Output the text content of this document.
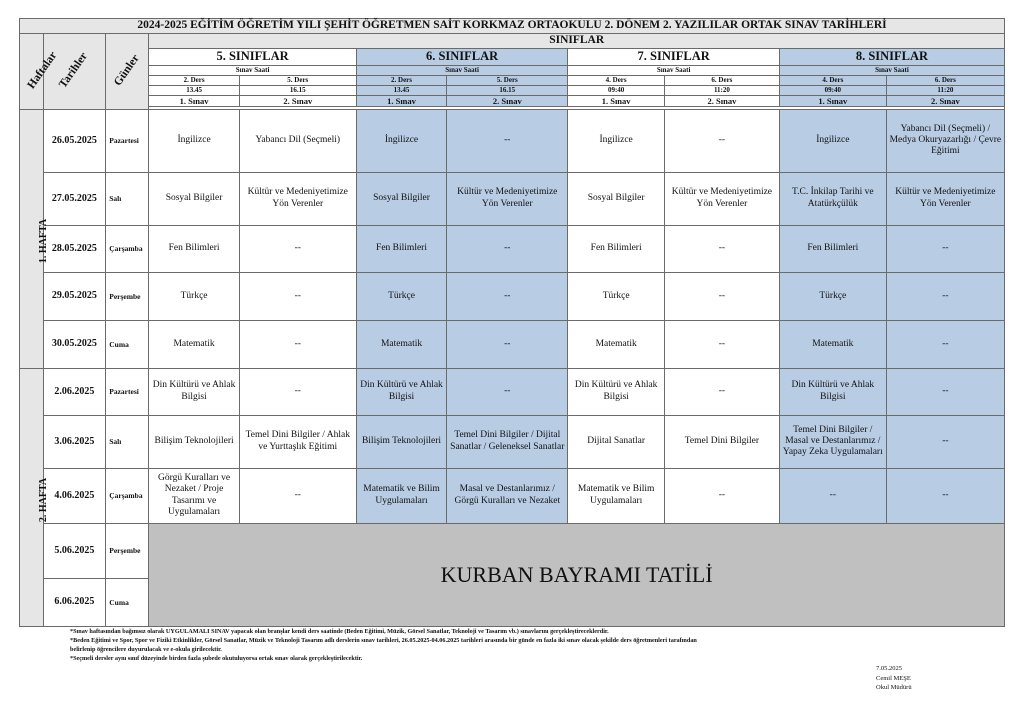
2024-2025 EĞİTİM ÖĞRETİM YILI ŞEHİT ÖĞRETMEN SAİT KORKMAZ ORTAOKULU 2. DÖNEM 2. YAZILILAR ORTAK SINAV TARİHLERİ										
Haftalar	Tarihler	Günler	SINIFLAR							
			5. SINIFLAR		6. SINIFLAR		7. SINIFLAR		8. SINIFLAR	
			Sınav Saati		Sınav Saati		Sınav Saati		Sınav Saati	
			2. Ders	5. Ders	2. Ders	5. Ders	4. Ders	6. Ders	4. Ders	6. Ders
			13.45	16.15	13.45	16.15	09:40	11:20	09:40	11:20
			1. Sınav	2. Sınav	1. Sınav	2. Sınav	1. Sınav	2. Sınav	1. Sınav	2. Sınav

1. HAFTA	26.05.2025	Pazartesi	İngilizce	Yabancı Dil (Seçmeli)	İngilizce	--	İngilizce	--	İngilizce	Yabancı Dil (Seçmeli) / Medya Okuryazarlığı / Çevre Eğitimi
	27.05.2025	Salı	Sosyal Bilgiler	Kültür ve Medeniyetimize Yön Verenler	Sosyal Bilgiler	Kültür ve Medeniyetimize Yön Verenler	Sosyal Bilgiler	Kültür ve Medeniyetimize Yön Verenler	T.C. İnkilap Tarihi ve Atatürkçülük	Kültür ve Medeniyetimize Yön Verenler
	28.05.2025	Çarşamba	Fen Bilimleri	--	Fen Bilimleri	--	Fen Bilimleri	--	Fen Bilimleri	--
	29.05.2025	Perşembe	Türkçe	--	Türkçe	--	Türkçe	--	Türkçe	--
	30.05.2025	Cuma	Matematik	--	Matematik	--	Matematik	--	Matematik	--
2. HAFTA	2.06.2025	Pazartesi	Din Kültürü ve Ahlak Bilgisi	--	Din Kültürü ve Ahlak Bilgisi	--	Din Kültürü ve Ahlak Bilgisi	--	Din Kültürü ve Ahlak Bilgisi	--
	3.06.2025	Salı	Bilişim Teknolojileri	Temel Dini Bilgiler / Ahlak ve Yurttaşlık Eğitimi	Bilişim Teknolojileri	Temel Dini Bilgiler / Dijital Sanatlar / Geleneksel Sanatlar	Dijital Sanatlar	Temel Dini Bilgiler	Temel Dini Bilgiler / Masal ve Destanlarımız / Yapay Zeka Uygulamaları	--
	4.06.2025	Çarşamba	Görgü Kuralları ve Nezaket / Proje Tasarımı ve Uygulamaları	--	Matematik ve Bilim Uygulamaları	Masal ve Destanlarımız / Görgü Kuralları ve Nezaket	Matematik ve Bilim Uygulamaları	--	--	--
	5.06.2025	Perşembe	KURBAN BAYRAMI TATİLİ							
	6.06.2025	Cuma								
*Sınav haftasından bağımsız olarak UYGULAMALI SINAV yapacak olan branşlar kendi ders saatinde (Beden Eğitimi, Müzik, Görsel Sanatlar, Teknoloji ve Tasarım vb.) sınavlarını gerçekleştireceklerdir.
*Beden Eğitimi ve Spor, Spor ve Fiziki Etkinlikler, Görsel Sanatlar, Müzik ve Teknoloji Tasarım adlı derslerin sınav tarihleri, 26.05.2025-04.06.2025 tarihleri arasında bir günde en fazla iki sınav olacak şekilde ders öğretmenleri tarafından
belirlenip öğrencilere duyurulacak ve e-okula girilecektir.
*Seçmeli dersler aynı sınıf düzeyinde birden fazla şubede okutuluyorsa ortak sınav olarak gerçekleştirilecektir.
7.05.2025
Cemil MEŞE
Okul Müdürü
